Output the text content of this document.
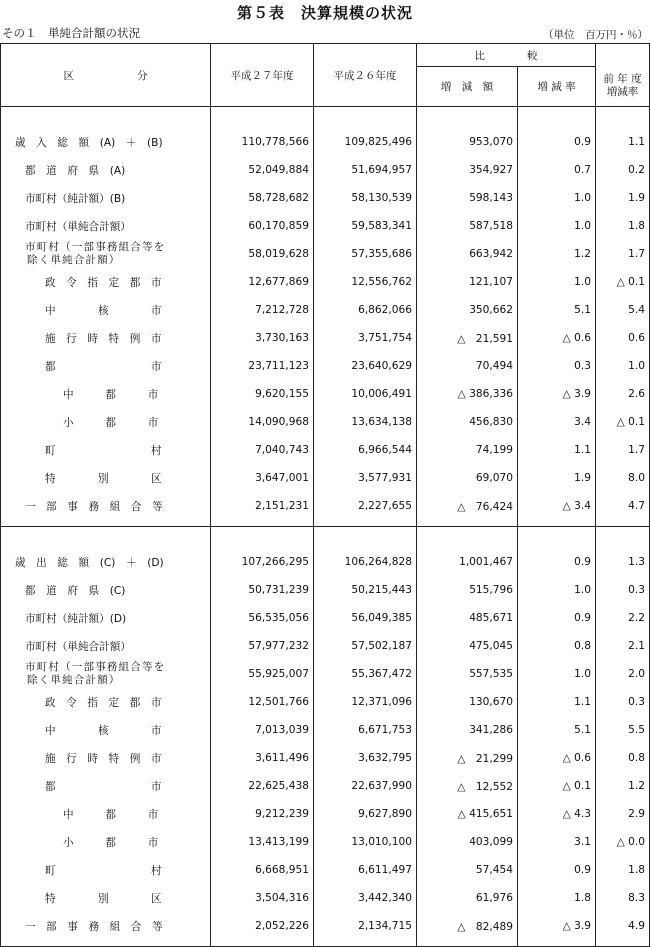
第５表　決算規模の状況
その１　単純合計額の状況	（単位　百万円・％）
区　　　　　　分	平成２７年度	平成２６年度	比　　　　較		
			増　減　額	増 減 率	前 年 度
増減率

歳　入　総　額　(A)　＋　(B)	110,778,566	109,825,496	953,070	0.9	1.1
都　道　府　県　(A)	52,049,884	51,694,957	354,927	0.7	0.2
市町村（純計額）(B)	58,728,682	58,130,539	598,143	1.0	1.9
市町村（単純合計額）	60,170,859	59,583,341	587,518	1.0	1.8

市町村（一部事務組合等を
除く単純合計額）	58,019,628	57,355,686	663,942	1.2	1.7
政　令　指　定　都　市	12,677,869	12,556,762	121,107	1.0	△ 0.1
中　　　　核　　　　市	7,212,728	6,862,066	350,662	5.1	5.4
施　行　時　特　例　市	3,730,163	3,751,754	△　21,591	△ 0.6	0.6
都　　　　　　　　　市	23,711,123	23,640,629	70,494	0.3	1.0
中　　　都　　　市	9,620,155	10,006,491	△ 386,336	△ 3.9	2.6
小　　　都　　　市	14,090,968	13,634,138	456,830	3.4	△ 0.1
町　　　　　　　　　村	7,040,743	6,966,544	74,199	1.1	1.7
特　　　　別　　　　区	3,647,001	3,577,931	69,070	1.9	8.0
一　部　事　務　組　合　等	2,151,231	2,227,655	△　76,424	△ 3.4	4.7

歳　出　総　額　(C)　＋　(D)	107,266,295	106,264,828	1,001,467	0.9	1.3
都　道　府　県　(C)	50,731,239	50,215,443	515,796	1.0	0.3
市町村（純計額）(D)	56,535,056	56,049,385	485,671	0.9	2.2
市町村（単純合計額）	57,977,232	57,502,187	475,045	0.8	2.1

市町村（一部事務組合等を
除く単純合計額）	55,925,007	55,367,472	557,535	1.0	2.0
政　令　指　定　都　市	12,501,766	12,371,096	130,670	1.1	0.3
中　　　　核　　　　市	7,013,039	6,671,753	341,286	5.1	5.5
施　行　時　特　例　市	3,611,496	3,632,795	△　21,299	△ 0.6	0.8
都　　　　　　　　　市	22,625,438	22,637,990	△　12,552	△ 0.1	1.2
中　　　都　　　市	9,212,239	9,627,890	△ 415,651	△ 4.3	2.9
小　　　都　　　市	13,413,199	13,010,100	403,099	3.1	△ 0.0
町　　　　　　　　　村	6,668,951	6,611,497	57,454	0.9	1.8
特　　　　別　　　　区	3,504,316	3,442,340	61,976	1.8	8.3
一　部　事　務　組　合　等	2,052,226	2,134,715	△　82,489	△ 3.9	4.9
